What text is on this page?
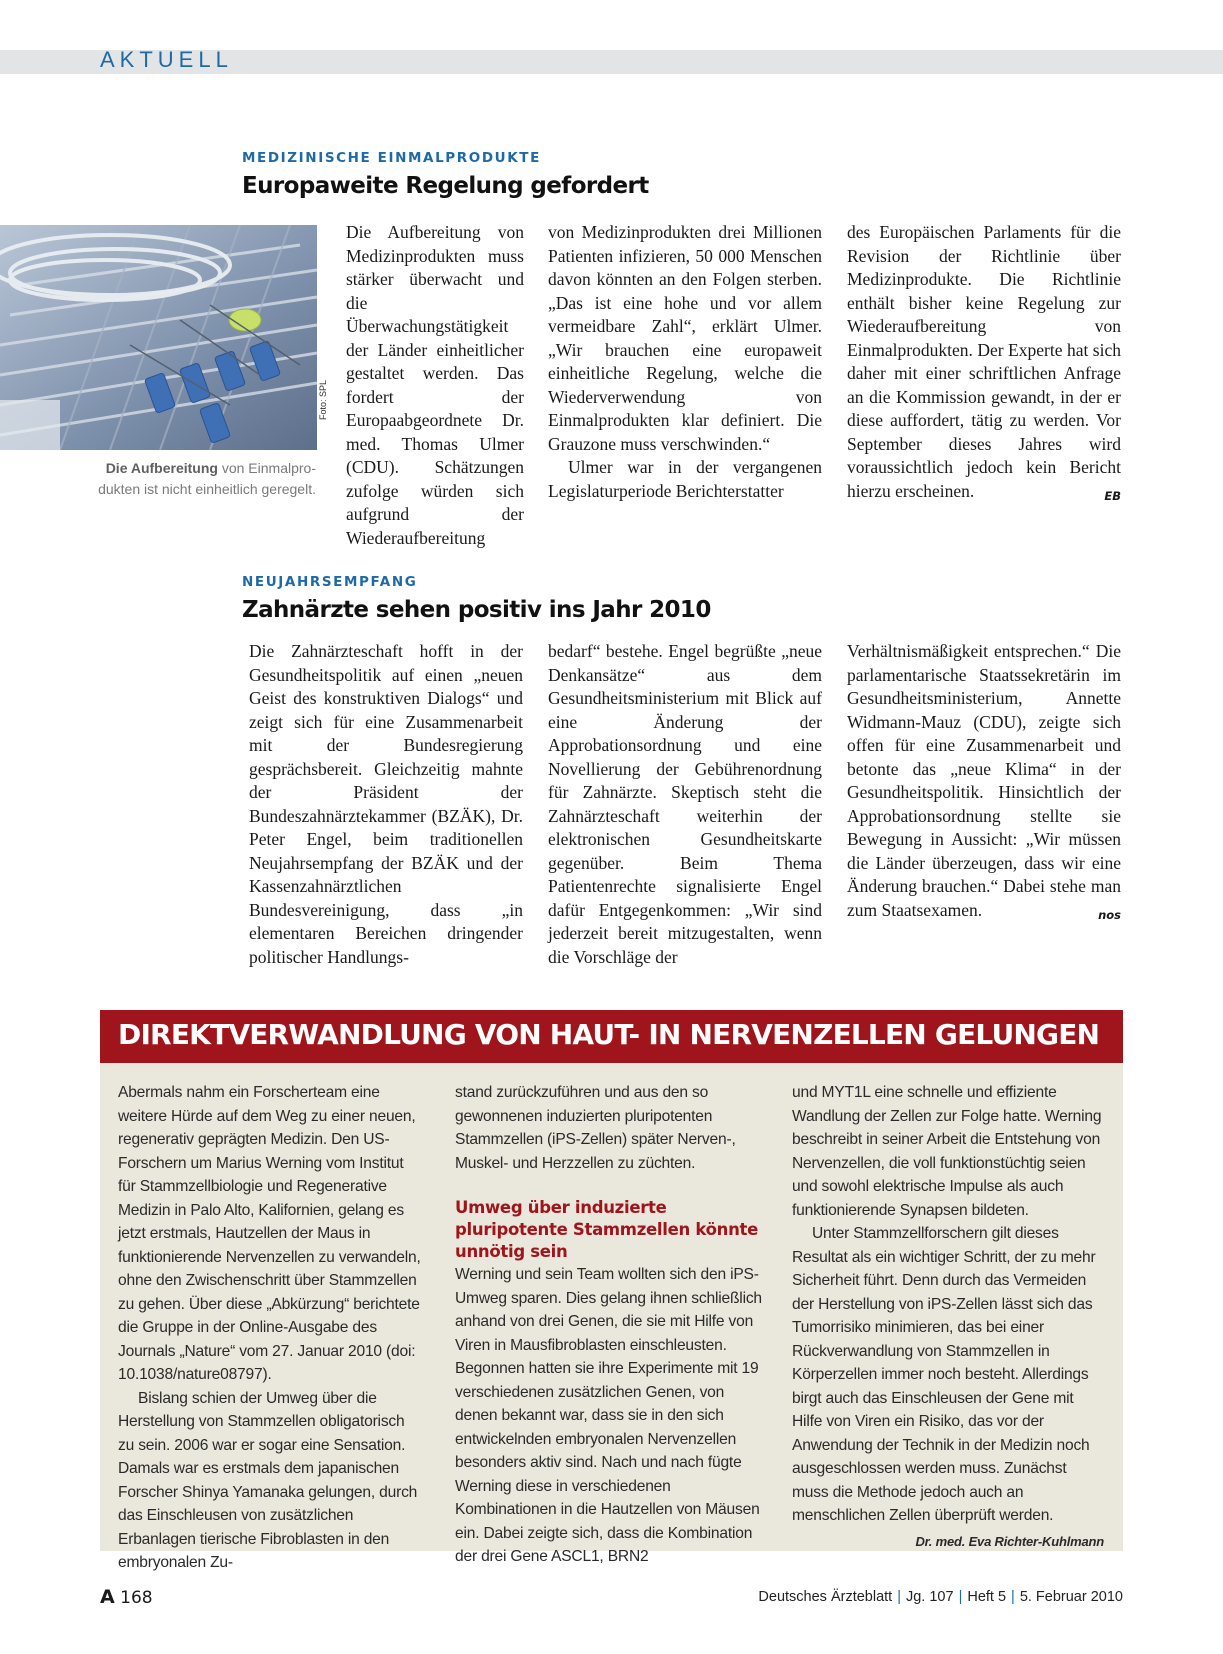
AKTUELL
MEDIZINISCHE EINMALPRODUKTE
Europaweite Regelung gefordert
Foto: SPL
Die Aufbereitung von Einmalpro-dukten ist nicht einheitlich geregelt.

Die Aufbereitung von Medizinprodukten muss stärker überwacht und die Überwachungstätigkeit der Länder einheitlicher gestaltet werden. Das fordert der Europaabgeordnete Dr. med. Thomas Ulmer (CDU). Schätzungen zufolge würden sich aufgrund der Wiederaufbereitung

von Medizinprodukten drei Millionen Patienten infizieren, 50 000 Menschen davon könnten an den Folgen sterben. „Das ist eine hohe und vor allem vermeidbare Zahl“, erklärt Ulmer. „Wir brauchen eine europaweit einheitliche Regelung, welche die Wiederverwendung von Einmalprodukten klar definiert. Die Grauzone muss verschwinden.“

Ulmer war in der vergangenen Legislaturperiode Berichterstatter

des Europäischen Parlaments für die Revision der Richtlinie über Medizinprodukte. Die Richtlinie enthält bisher keine Regelung zur Wiederaufbereitung von Einmalprodukten. Der Experte hat sich daher mit einer schriftlichen Anfrage an die Kommission gewandt, in der er diese auffordert, tätig zu werden. Vor September dieses Jahres wird voraussichtlich jedoch kein Bericht hierzu erscheinen.	EB

NEUJAHRSEMPFANG
Zahnärzte sehen positiv ins Jahr 2010

Die Zahnärzteschaft hofft in der Gesundheitspolitik auf einen „neuen Geist des konstruktiven Dialogs“ und zeigt sich für eine Zusammenarbeit mit der Bundesregierung gesprächsbereit. Gleichzeitig mahnte der Präsident der Bundeszahnärztekammer (BZÄK), Dr. Peter Engel, beim traditionellen Neujahrsempfang der BZÄK und der Kassenzahnärztlichen Bundesvereinigung, dass „in elementaren Bereichen dringender politischer Handlungs-

bedarf“ bestehe. Engel begrüßte „neue Denkansätze“ aus dem Gesundheitsministerium mit Blick auf eine Änderung der Approbationsordnung und eine Novellierung der Gebührenordnung für Zahnärzte. Skeptisch steht die Zahnärzteschaft weiterhin der elektronischen Gesundheitskarte gegenüber. Beim Thema Patientenrechte signalisierte Engel dafür Entgegenkommen: „Wir sind jederzeit bereit mitzugestalten, wenn die Vorschläge der

Verhältnismäßigkeit entsprechen.“ Die parlamentarische Staatssekretärin im Gesundheitsministerium, Annette Widmann-Mauz (CDU), zeigte sich offen für eine Zusammenarbeit und betonte das „neue Klima“ in der Gesundheitspolitik. Hinsichtlich der Approbationsordnung stellte sie Bewegung in Aussicht: „Wir müssen die Länder überzeugen, dass wir eine Änderung brauchen.“ Dabei stehe man zum Staatsexamen.	nos

DIREKTVERWANDLUNG VON HAUT- IN NERVENZELLEN GELUNGEN

Abermals nahm ein Forscherteam eine weitere Hürde auf dem Weg zu einer neuen, regenerativ geprägten Medizin. Den US-Forschern um Marius Werning vom Institut für Stammzellbiologie und Regenerative Medizin in Palo Alto, Kalifornien, gelang es jetzt erstmals, Hautzellen der Maus in funktionierende Nervenzellen zu verwandeln, ohne den Zwischenschritt über Stammzellen zu gehen. Über diese „Abkürzung“ berichtete die Gruppe in der Online-Ausgabe des Journals „Nature“ vom 27. Januar 2010 (doi: 10.1038/nature08797).

Bislang schien der Umweg über die Herstellung von Stammzellen obligatorisch zu sein. 2006 war er sogar eine Sensation. Damals war es erstmals dem japanischen Forscher Shinya Yamanaka gelungen, durch das Einschleusen von zusätzlichen Erbanlagen tierische Fibroblasten in den embryonalen Zu-

stand zurückzuführen und aus den so gewonnenen induzierten pluripotenten Stammzellen (iPS-Zellen) später Nerven-, Muskel- und Herzzellen zu züchten.

Umweg über induzierte pluripotente Stammzellen könnte unnötig sein

Werning und sein Team wollten sich den iPS-Umweg sparen. Dies gelang ihnen schließlich anhand von drei Genen, die sie mit Hilfe von Viren in Mausfibroblasten einschleusten. Begonnen hatten sie ihre Experimente mit 19 verschiedenen zusätzlichen Genen, von denen bekannt war, dass sie in den sich entwickelnden embryonalen Nervenzellen besonders aktiv sind. Nach und nach fügte Werning diese in verschiedenen Kombinationen in die Hautzellen von Mäusen ein. Dabei zeigte sich, dass die Kombination der drei Gene ASCL1, BRN2

und MYT1L eine schnelle und effiziente Wandlung der Zellen zur Folge hatte. Werning beschreibt in seiner Arbeit die Entstehung von Nervenzellen, die voll funktionstüchtig seien und sowohl elektrische Impulse als auch funktionierende Synapsen bildeten.

Unter Stammzellforschern gilt dieses Resultat als ein wichtiger Schritt, der zu mehr Sicherheit führt. Denn durch das Vermeiden der Herstellung von iPS-Zellen lässt sich das Tumorrisiko minimieren, das bei einer Rückverwandlung von Stammzellen in Körperzellen immer noch besteht. Allerdings birgt auch das Einschleusen der Gene mit Hilfe von Viren ein Risiko, das vor der Anwendung der Technik in der Medizin noch ausgeschlossen werden muss. Zunächst muss die Methode jedoch auch an menschlichen Zellen überprüft werden.
Dr. med. Eva Richter-Kuhlmann

A 168	Deutsches Ärzteblatt | Jg. 107 | Heft 5 | 5. Februar 2010
